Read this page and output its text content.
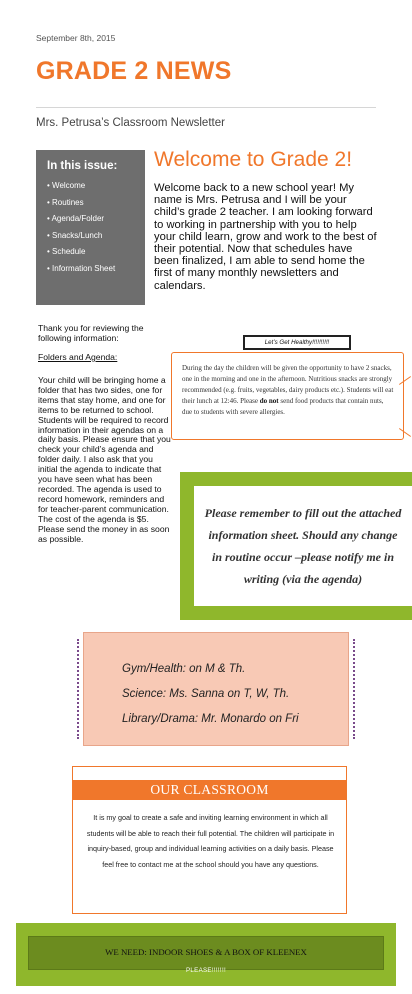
September 8th, 2015
GRADE 2 NEWS
Mrs. Petrusa’s Classroom Newsletter
In this issue:
• Welcome
• Routines
• Agenda/Folder
• Snacks/Lunch
• Schedule
• Information Sheet
Welcome to Grade 2!
Welcome back to a new school year! My name is Mrs. Petrusa and I will be your child’s grade 2 teacher. I am looking forward to working in partnership with you to help your child learn, grow and work to the best of their potential. Now that schedules have been finalized, I am able to send home the first of many monthly newsletters and calendars.
Thank you for reviewing the following information:
Folders and Agenda:
Your child will be bringing home a folder that has two sides, one for items that stay home, and one for items to be returned to school. Students will be required to record information in their agendas on a daily basis. Please ensure that you check your child’s agenda and folder daily. I also ask that you initial the agenda to indicate that you have seen what has been recorded. The agenda is used to record homework, reminders and for teacher-parent communication. The cost of the agenda is $5. Please send the money in as soon as possible.
During the day the children will be given the opportunity to have 2 snacks, one in the morning and one in the afternoon. Nutritious snacks are strongly recommended (e.g. fruits, vegetables, dairy products etc.). Students will eat their lunch at 12:46. Please do not send food products that contain nuts, due to students with severe allergies.
Let’s Get Healthy!!!!!!!!!!
Please remember to fill out the attached information sheet. Should any change in routine occur –please notify me in writing (via the agenda)

Gym/Health: on M & Th.

Science: Ms. Sanna on T, W, Th.

Library/Drama: Mr. Monardo on Fri

OUR CLASSROOM
It is my goal to create a safe and inviting learning environment in which all students will be able to reach their full potential. The children will participate in inquiry-based, group and individual learning activities on a daily basis. Please feel free to contact me at the school should you have any questions.
WE NEED: INDOOR SHOES & A BOX OF KLEENEX
PLEASE!!!!!!!
